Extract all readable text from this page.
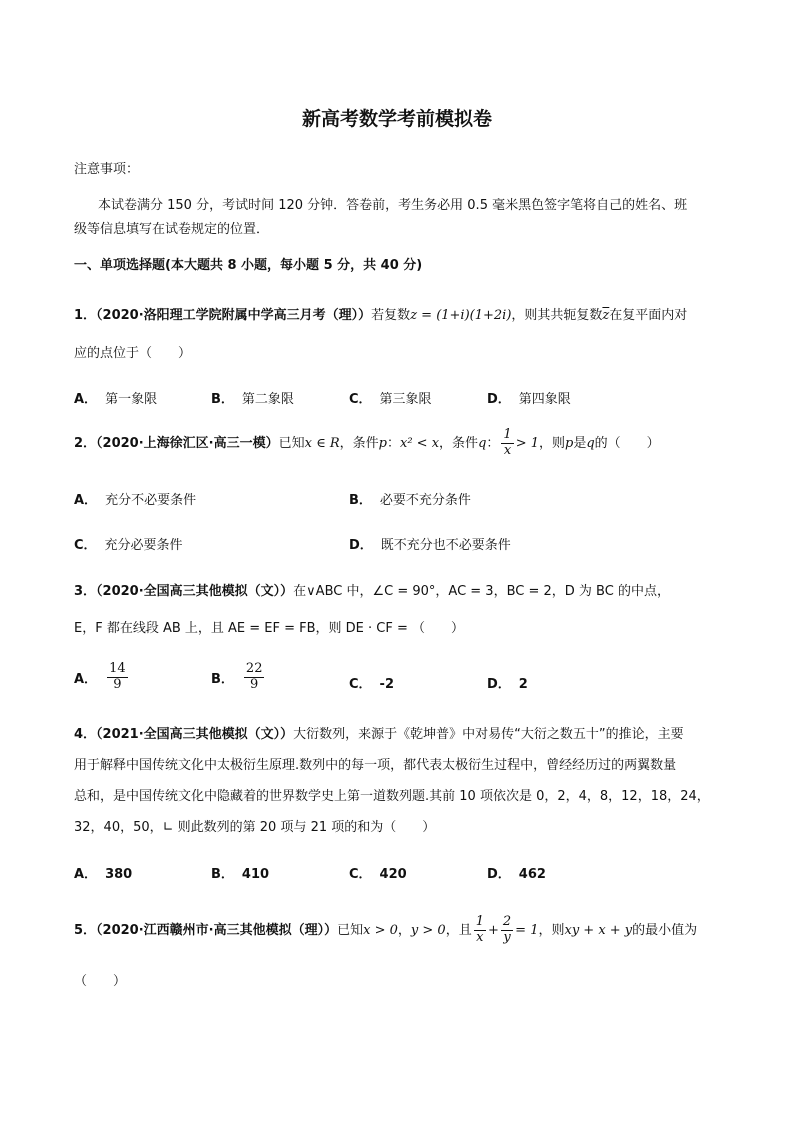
新高考数学考前模拟卷
注意事项：
本试卷满分 150 分，考试时间 120 分钟．答卷前，考生务必用 0.5 毫米黑色签字笔将自己的姓名、班
级等信息填写在试卷规定的位置．
一、单项选择题(本大题共 8 小题，每小题 5 分，共 40 分)
1．（2020·洛阳理工学院附属中学高三月考（理））若复数z = (1+i)(1+2i)，则其共轭复数$\overline{z}$在复平面内对
应的点位于（　　）
A． 第一象限	B． 第二象限	C． 第三象限	D． 第四象限
2．（2020·上海徐汇区·高三一模）已知x ∈ R，条件p：x² < x，条件q： $\frac{1}{x} > 1$，则p是q的（　　）
A． 充分不必要条件	B． 必要不充分条件
C． 充分必要条件	D． 既不充分也不必要条件
3．（2020·全国高三其他模拟（文））在∨ABC 中，∠C = 90°，AC = 3，BC = 2，D 为 BC 的中点，
E，F 都在线段 AB 上，且 AE = EF = FB，则 DE · CF = （　　）
A． $\frac{14}{9}$	B． $\frac{22}{9}$	C． -2	D． 2
4．（2021·全国高三其他模拟（文））大衍数列，来源于《乾坤普》中对易传“大衍之数五十”的推论，主要
用于解释中国传统文化中太极衍生原理.数列中的每一项，都代表太极衍生过程中，曾经经历过的两翼数量
总和，是中国传统文化中隐藏着的世界数学史上第一道数列题.其前 10 项依次是 0，2，4，8，12，18，24，
32，40，50，∟ 则此数列的第 20 项与 21 项的和为（　　）
A． 380	B． 410	C． 420	D． 462
5．（2020·江西赣州市·高三其他模拟（理））已知x > 0，y > 0，且 $\frac{1}{x} + \frac{2}{y} = 1$，则xy + x + y的最小值为
（　　）
